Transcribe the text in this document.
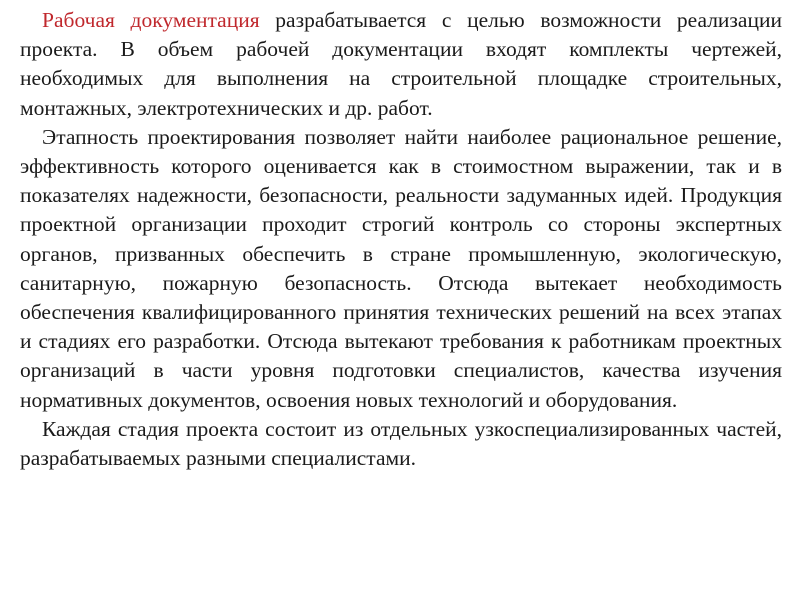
Рабочая документация разрабатывается с целью возможности реализации проекта. В объем рабочей документации входят комплекты чертежей, необходимых для выполнения на строительной площадке строительных, монтажных, электротехнических и др. работ.

Этапность проектирования позволяет найти наиболее рациональное решение, эффективность которого оценивается как в стоимостном выражении, так и в показателях надежности, безопасности, реальности задуманных идей. Продукция проектной организации проходит строгий контроль со стороны экспертных органов, призванных обеспечить в стране промышленную, экологическую, санитарную, пожарную безопасность. Отсюда вытекает необходимость обеспечения квалифицированного принятия технических решений на всех этапах и стадиях его разработки. Отсюда вытекают требования к работникам проектных организаций в части уровня подготовки специалистов, качества изучения нормативных документов, освоения новых технологий и оборудования.

Каждая стадия проекта состоит из отдельных узкоспециализированных частей, разрабатываемых разными специалистами.
